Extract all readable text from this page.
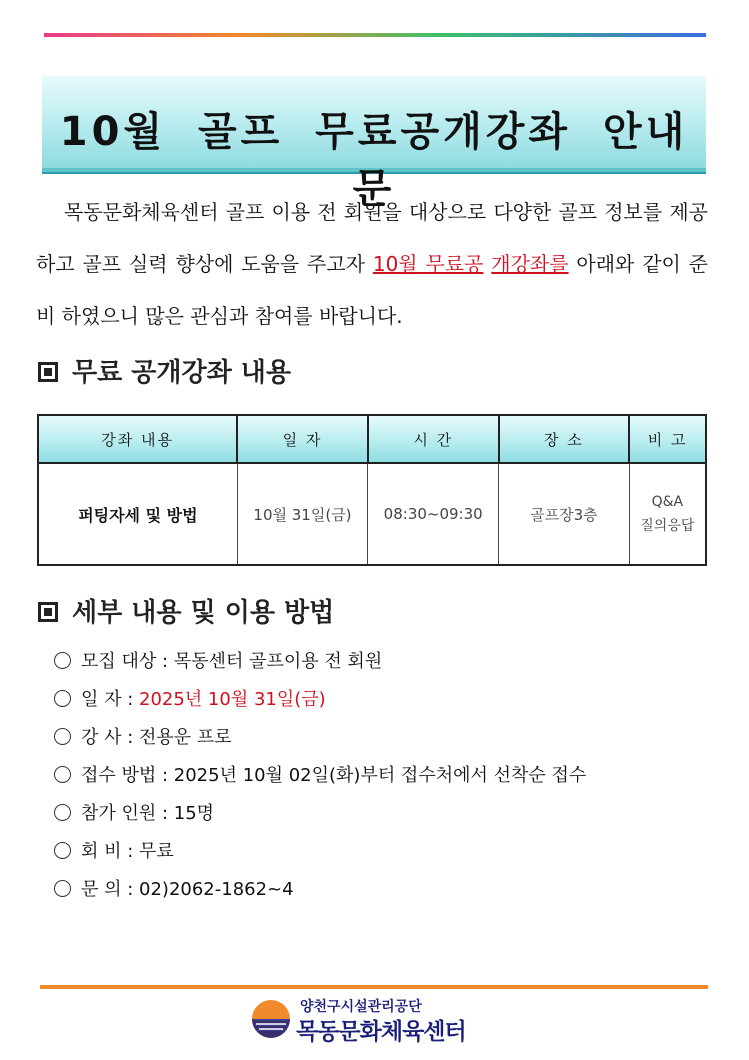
10월 골프 무료공개강좌 안내문
목동문화체육센터 골프 이용 전 회원을 대상으로 다양한 골프 정보를 제공하고 골프 실력 향상에 도움을 주고자 10월 무료공 개강좌를 아래와 같이 준비 하였으니 많은 관심과 참여를 바랍니다.
무료 공개강좌 내용
강좌 내용	일 자	시 간	장 소	비 고
퍼팅자세 및 방법	10월 31일(금)	08:30~09:30	골프장3층	Q&A
질의응답
세부 내용 및 이용 방법
모집 대상 : 목동센터 골프이용 전 회원
일 자 : 2025년 10월 31일(금)
강 사 : 전용운 프로
접수 방법 : 2025년 10월 02일(화)부터 접수처에서 선착순 접수
참가 인원 : 15명
회 비 : 무료
문 의 : 02)2062-1862~4
양천구시설관리공단
목동문화체육센터
